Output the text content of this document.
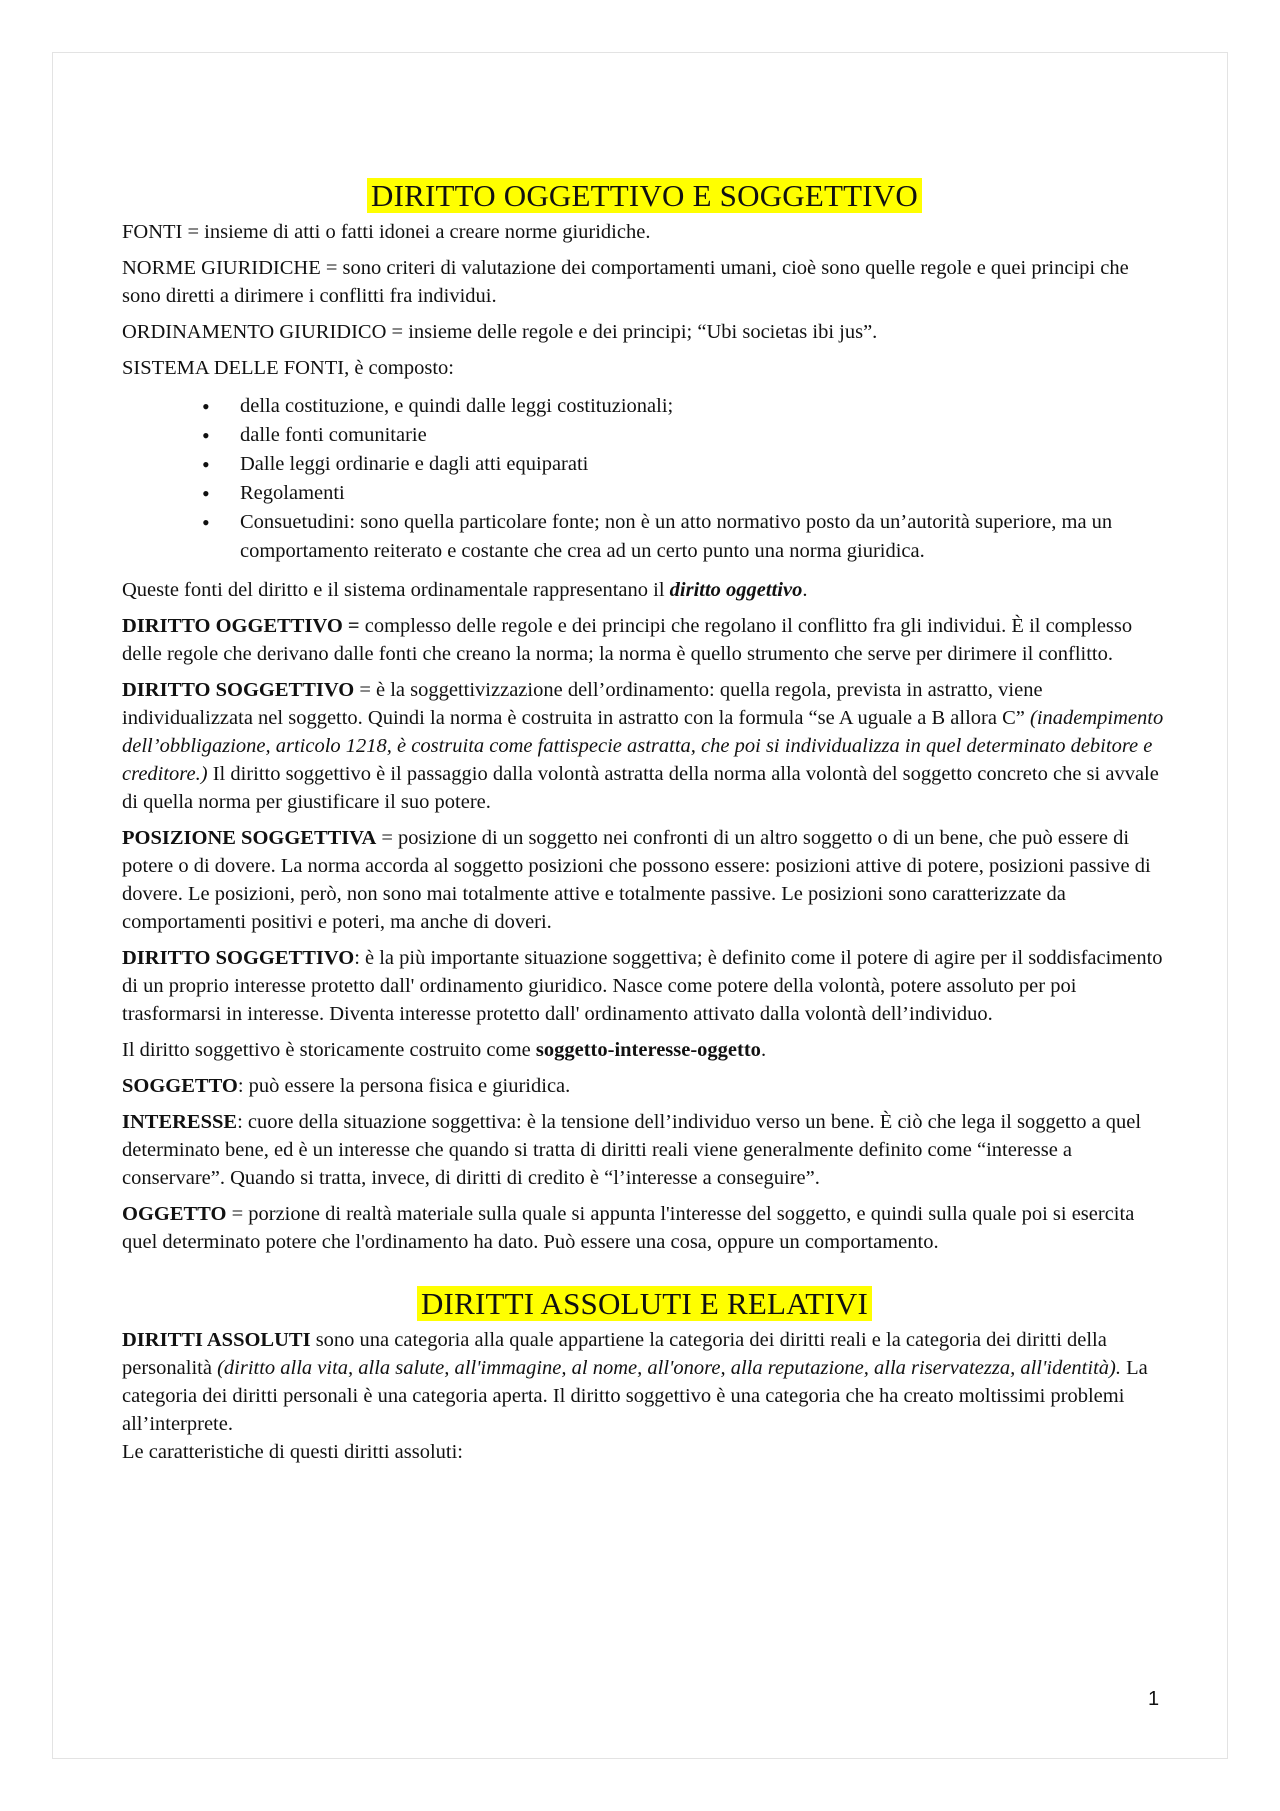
DIRITTO OGGETTIVO E SOGGETTIVO

FONTI = insieme di atti o fatti idonei a creare norme giuridiche.

NORME GIURIDICHE = sono criteri di valutazione dei comportamenti umani, cioè sono quelle regole e quei principi che sono diretti a dirimere i conflitti fra individui.

ORDINAMENTO GIURIDICO = insieme delle regole e dei principi; “Ubi societas ibi jus”.

SISTEMA DELLE FONTI, è composto:

• della costituzione, e quindi dalle leggi costituzionali;
• dalle fonti comunitarie
• Dalle leggi ordinarie e dagli atti equiparati
• Regolamenti
• Consuetudini: sono quella particolare fonte; non è un atto normativo posto da un’autorità superiore, ma un comportamento reiterato e costante che crea ad un certo punto una norma giuridica.

Queste fonti del diritto e il sistema ordinamentale rappresentano il diritto oggettivo.

DIRITTO OGGETTIVO = complesso delle regole e dei principi che regolano il conflitto fra gli individui. È il complesso delle regole che derivano dalle fonti che creano la norma; la norma è quello strumento che serve per dirimere il conflitto.

DIRITTO SOGGETTIVO = è la soggettivizzazione dell’ordinamento: quella regola, prevista in astratto, viene individualizzata nel soggetto. Quindi la norma è costruita in astratto con la formula “se A uguale a B allora C” (inadempimento dell’obbligazione, articolo 1218, è costruita come fattispecie astratta, che poi si individualizza in quel determinato debitore e creditore.) Il diritto soggettivo è il passaggio dalla volontà astratta della norma alla volontà del soggetto concreto che si avvale di quella norma per giustificare il suo potere.

POSIZIONE SOGGETTIVA = posizione di un soggetto nei confronti di un altro soggetto o di un bene, che può essere di potere o di dovere. La norma accorda al soggetto posizioni che possono essere: posizioni attive di potere, posizioni passive di dovere. Le posizioni, però, non sono mai totalmente attive e totalmente passive. Le posizioni sono caratterizzate da comportamenti positivi e poteri, ma anche di doveri.

DIRITTO SOGGETTIVO: è la più importante situazione soggettiva; è definito come il potere di agire per il soddisfacimento di un proprio interesse protetto dall' ordinamento giuridico. Nasce come potere della volontà, potere assoluto per poi trasformarsi in interesse. Diventa interesse protetto dall' ordinamento attivato dalla volontà dell’individuo.

Il diritto soggettivo è storicamente costruito come soggetto-interesse-oggetto.

SOGGETTO: può essere la persona fisica e giuridica.

INTERESSE: cuore della situazione soggettiva: è la tensione dell’individuo verso un bene. È ciò che lega il soggetto a quel determinato bene, ed è un interesse che quando si tratta di diritti reali viene generalmente definito come “interesse a conservare”. Quando si tratta, invece, di diritti di credito è “l’interesse a conseguire”.

OGGETTO = porzione di realtà materiale sulla quale si appunta l'interesse del soggetto, e quindi sulla quale poi si esercita quel determinato potere che l'ordinamento ha dato. Può essere una cosa, oppure un comportamento.

DIRITTI ASSOLUTI E RELATIVI

DIRITTI ASSOLUTI sono una categoria alla quale appartiene la categoria dei diritti reali e la categoria dei diritti della personalità (diritto alla vita, alla salute, all'immagine, al nome, all'onore, alla reputazione, alla riservatezza, all'identità). La categoria dei diritti personali è una categoria aperta. Il diritto soggettivo è una categoria che ha creato moltissimi problemi all’interprete.

Le caratteristiche di questi diritti assoluti:

1
